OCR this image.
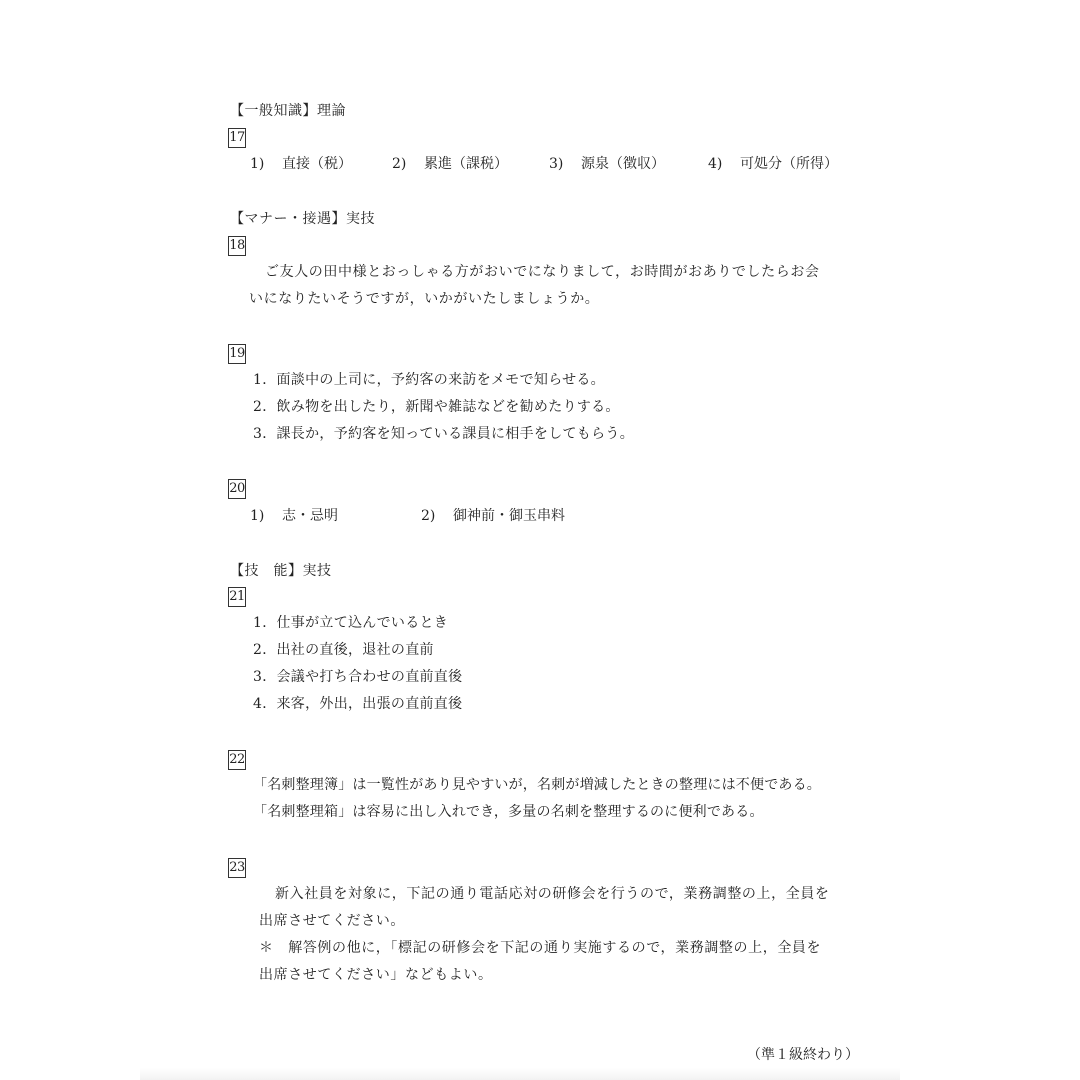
【一般知識】理論
17
1) 直接（税）	2) 累進（課税）	3) 源泉（徴収）	4) 可処分（所得）
【マナー・接遇】実技
18
ご友人の田中様とおっしゃる方がおいでになりまして，お時間がおありでしたらお会
いになりたいそうですが，いかがいたしましょうか。
19
1．面談中の上司に，予約客の来訪をメモで知らせる。
2．飲み物を出したり，新聞や雑誌などを勧めたりする。
3．課長か，予約客を知っている課員に相手をしてもらう。
20
1) 志・忌明	2) 御神前・御玉串料
【技　能】実技
21
1．仕事が立て込んでいるとき
2．出社の直後，退社の直前
3．会議や打ち合わせの直前直後
4．来客，外出，出張の直前直後
22
「名刺整理簿」は一覧性があり見やすいが，名刺が増減したときの整理には不便である。
「名刺整理箱」は容易に出し入れでき，多量の名刺を整理するのに便利である。
23
新入社員を対象に，下記の通り電話応対の研修会を行うので，業務調整の上，全員を
出席させてください。
＊　解答例の他に，「標記の研修会を下記の通り実施するので，業務調整の上，全員を
出席させてください」などもよい。
（準１級終わり）
